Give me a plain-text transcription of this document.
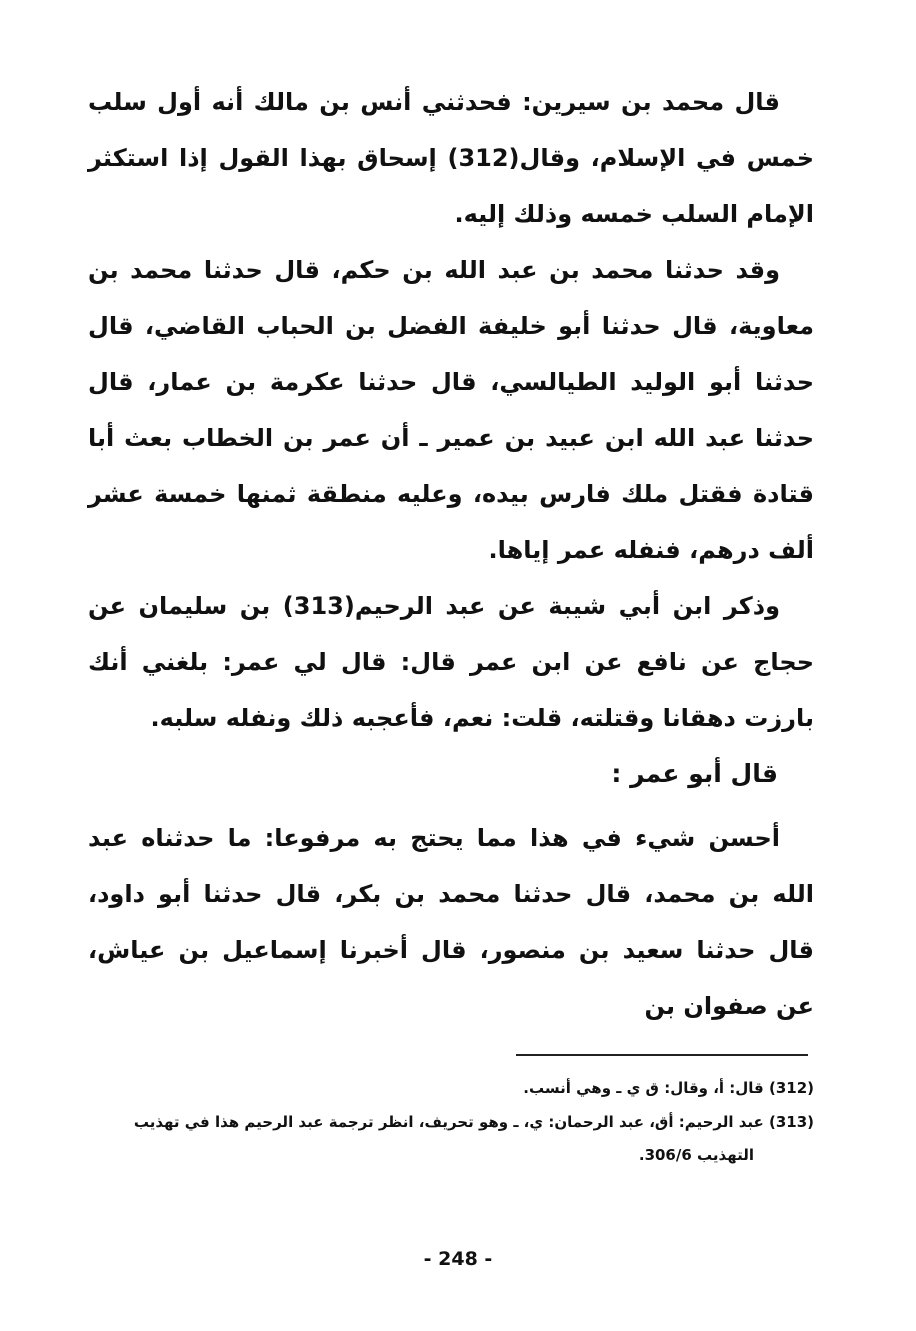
قال محمد بن سيرين: فحدثني أنس بن مالك أنه أول سلب خمس في الإسلام، وقال(312) إسحاق بهذا القول إذا استكثر الإمام السلب خمسه وذلك إليه.

وقد حدثنا محمد بن عبد الله بن حكم، قال حدثنا محمد بن معاوية، قال حدثنا أبو خليفة الفضل بن الحباب القاضي، قال حدثنا أبو الوليد الطيالسي، قال حدثنا عكرمة بن عمار، قال حدثنا عبد الله ابن عبيد بن عمير ـ أن عمر بن الخطاب بعث أبا قتادة فقتل ملك فارس بيده، وعليه منطقة ثمنها خمسة عشر ألف درهم، فنفله عمر إياها.

وذكر ابن أبي شيبة عن عبد الرحيم(313) بن سليمان عن حجاج عن نافع عن ابن عمر قال: قال لي عمر: بلغني أنك بارزت دهقانا وقتلته، قلت: نعم، فأعجبه ذلك ونفله سلبه.

قال أبو عمر :

أحسن شيء في هذا مما يحتج به مرفوعا: ما حدثناه عبد الله بن محمد، قال حدثنا محمد بن بكر، قال حدثنا أبو داود، قال حدثنا سعيد بن منصور، قال أخبرنا إسماعيل بن عياش، عن صفوان بن

(312) قال: أ، وقال: ق ي ـ وهي أنسب.

(313) عبد الرحيم: أق، عبد الرحمان: ي، ـ وهو تحريف، انظر ترجمة عبد الرحيم هذا في تهذيب
التهذيب 306/6.
- 248 -
